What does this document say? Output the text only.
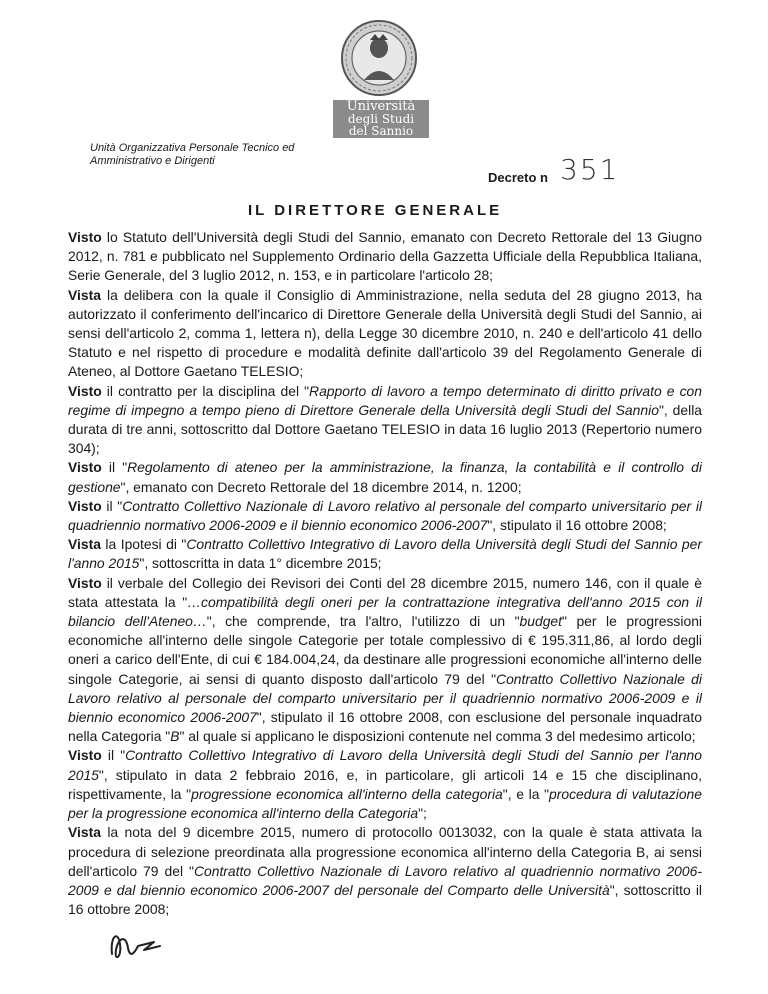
Università
degli Studi
del Sannio
Unità Organizzativa Personale Tecnico ed Amministrativo e Dirigenti
Decreto n 351
IL DIRETTORE GENERALE

Visto lo Statuto dell'Università degli Studi del Sannio, emanato con Decreto Rettorale del 13 Giugno 2012, n. 781 e pubblicato nel Supplemento Ordinario della Gazzetta Ufficiale della Repubblica Italiana, Serie Generale, del 3 luglio 2012, n. 153, e in particolare l'articolo 28;

Vista la delibera con la quale il Consiglio di Amministrazione, nella seduta del 28 giugno 2013, ha autorizzato il conferimento dell'incarico di Direttore Generale della Università degli Studi del Sannio, ai sensi dell'articolo 2, comma 1, lettera n), della Legge 30 dicembre 2010, n. 240 e dell'articolo 41 dello Statuto e nel rispetto di procedure e modalità definite dall'articolo 39 del Regolamento Generale di Ateneo, al Dottore Gaetano TELESIO;

Visto il contratto per la disciplina del "Rapporto di lavoro a tempo determinato di diritto privato e con regime di impegno a tempo pieno di Direttore Generale della Università degli Studi del Sannio", della durata di tre anni, sottoscritto dal Dottore Gaetano TELESIO in data 16 luglio 2013 (Repertorio numero 304);

Visto il "Regolamento di ateneo per la amministrazione, la finanza, la contabilità e il controllo di gestione", emanato con Decreto Rettorale del 18 dicembre 2014, n. 1200;

Visto il "Contratto Collettivo Nazionale di Lavoro relativo al personale del comparto universitario per il quadriennio normativo 2006-2009 e il biennio economico 2006-2007", stipulato il 16 ottobre 2008;

Vista la Ipotesi di "Contratto Collettivo Integrativo di Lavoro della Università degli Studi del Sannio per l'anno 2015", sottoscritta in data 1° dicembre 2015;

Visto il verbale del Collegio dei Revisori dei Conti del 28 dicembre 2015, numero 146, con il quale è stata attestata la "…compatibilità degli oneri per la contrattazione integrativa dell'anno 2015 con il bilancio dell'Ateneo…", che comprende, tra l'altro, l'utilizzo di un "budget" per le progressioni economiche all'interno delle singole Categorie per totale complessivo di € 195.311,86, al lordo degli oneri a carico dell'Ente, di cui € 184.004,24, da destinare alle progressioni economiche all'interno delle singole Categorie, ai sensi di quanto disposto dall'articolo 79 del "Contratto Collettivo Nazionale di Lavoro relativo al personale del comparto universitario per il quadriennio normativo 2006-2009 e il biennio economico 2006-2007", stipulato il 16 ottobre 2008, con esclusione del personale inquadrato nella Categoria "B" al quale si applicano le disposizioni contenute nel comma 3 del medesimo articolo;

Visto il "Contratto Collettivo Integrativo di Lavoro della Università degli Studi del Sannio per l'anno 2015", stipulato in data 2 febbraio 2016, e, in particolare, gli articoli 14 e 15 che disciplinano, rispettivamente, la "progressione economica all'interno della categoria", e la "procedura di valutazione per la progressione economica all'interno della Categoria";

Vista la nota del 9 dicembre 2015, numero di protocollo 0013032, con la quale è stata attivata la procedura di selezione preordinata alla progressione economica all'interno della Categoria B, ai sensi dell'articolo 79 del "Contratto Collettivo Nazionale di Lavoro relativo al quadriennio normativo 2006-2009 e dal biennio economico 2006-2007 del personale del Comparto delle Università", sottoscritto il 16 ottobre 2008;
